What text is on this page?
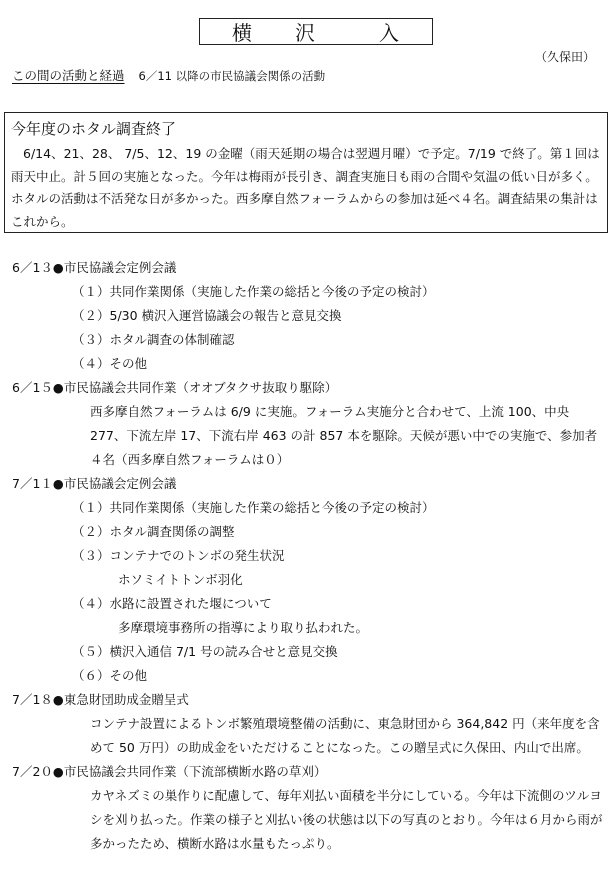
横　　沢　　　入
（久保田）
この間の活動と経過 6／11 以降の市民協議会関係の活動
今年度のホタル調査終了

6/14、21、28、 7/5、12、19 の金曜（雨天延期の場合は翌週月曜）で予定。7/19 で終了。第１回は雨天中止。計５回の実施となった。今年は梅雨が長引き、調査実施日も雨の合間や気温の低い日が多く。ホタルの活動は不活発な日が多かった。西多摩自然フォーラムからの参加は延べ４名。調査結果の集計はこれから。

6／1３●市民協議会定例会議
（１）共同作業関係（実施した作業の総括と今後の予定の検討）
（２）5/30 横沢入運営協議会の報告と意見交換
（３）ホタル調査の体制確認
（４）その他
6／1５●市民協議会共同作業（オオブタクサ抜取り駆除）
西多摩自然フォーラムは 6/9 に実施。フォーラム実施分と合わせて、上流 100、中央 277、下流左岸 17、下流右岸 463 の計 857 本を駆除。天候が悪い中での実施で、参加者４名（西多摩自然フォーラムは０）
7／1１●市民協議会定例会議
（１）共同作業関係（実施した作業の総括と今後の予定の検討）
（２）ホタル調査関係の調整
（３）コンテナでのトンボの発生状況
ホソミイトトンボ羽化
（４）水路に設置された堰について
多摩環境事務所の指導により取り払われた。
（５）横沢入通信 7/1 号の読み合せと意見交換
（６）その他
7／1８●東急財団助成金贈呈式
コンテナ設置によるトンボ繁殖環境整備の活動に、東急財団から 364,842 円（来年度を含めて 50 万円）の助成金をいただけることになった。この贈呈式に久保田、内山で出席。
7／2０●市民協議会共同作業（下流部横断水路の草刈）
カヤネズミの巣作りに配慮して、毎年刈払い面積を半分にしている。今年は下流側のツルヨシを刈り払った。作業の様子と刈払い後の状態は以下の写真のとおり。今年は６月から雨が多かったため、横断水路は水量もたっぷり。
